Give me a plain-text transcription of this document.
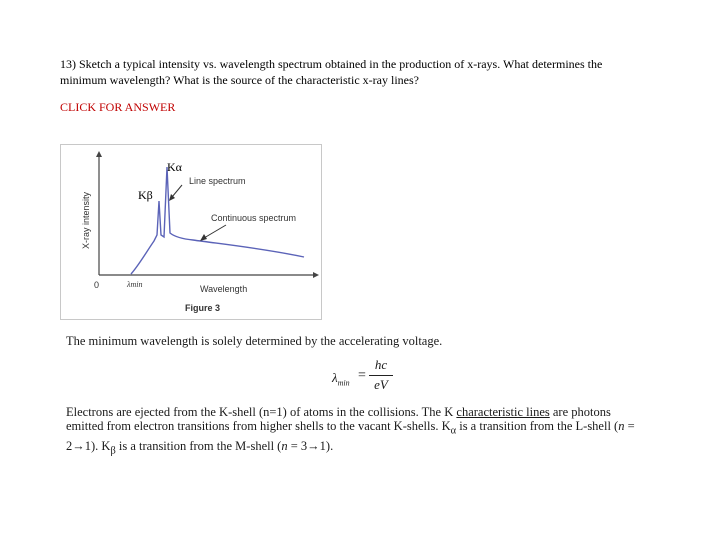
13) Sketch a typical intensity vs. wavelength spectrum obtained in the production of x-rays. What determines the
minimum wavelength? What is the source of the characteristic x-ray lines?
CLICK FOR ANSWER
X-ray intensity
0	λmin	Wavelength
Line spectrum
Continuous spectrum
Figure 3
Kα
Kβ
The minimum wavelength is solely determined by the accelerating voltage.
$\lambda_{min}$
hc
eV
=
Electrons are ejected from the K-shell (n=1) of atoms in the collisions. The K characteristic lines are photons emitted from electron transitions from higher shells to the vacant K-shells. $K_\alpha$ is a transition from the L-shell (n = 2→1). $K_\beta$ is a transition from the M-shell (n = 3→1).
